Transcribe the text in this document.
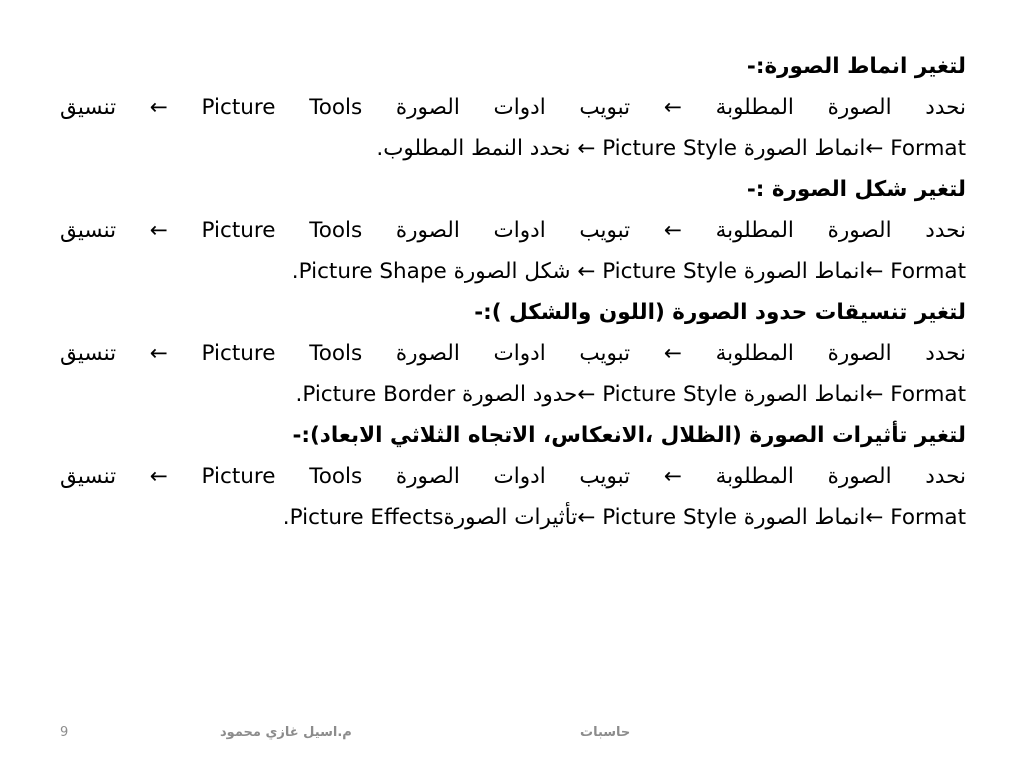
لتغير انماط الصورة:-
نحدد الصورة المطلوبة ← تبويب ادوات الصورة Picture Tools ← تنسيق
Format ←انماط الصورة Picture Style ← نحدد النمط المطلوب.
لتغير شكل الصورة :-
نحدد الصورة المطلوبة ← تبويب ادوات الصورة Picture Tools ← تنسيق
Format ←انماط الصورة Picture Style ← شكل الصورة Picture Shape.
لتغير تنسيقات حدود الصورة (اللون والشكل ):-
نحدد الصورة المطلوبة ← تبويب ادوات الصورة Picture Tools ← تنسيق
Format ←انماط الصورة Picture Style ←حدود الصورة Picture Border.
لتغير تأثيرات الصورة (الظلال ،الانعكاس، الاتجاه الثلاثي الابعاد):-
نحدد الصورة المطلوبة ← تبويب ادوات الصورة Picture Tools ← تنسيق
Format ←انماط الصورة Picture Style ←تأثيرات الصورةPicture Effects.
9	م.اسيل غازي محمود	حاسبات
